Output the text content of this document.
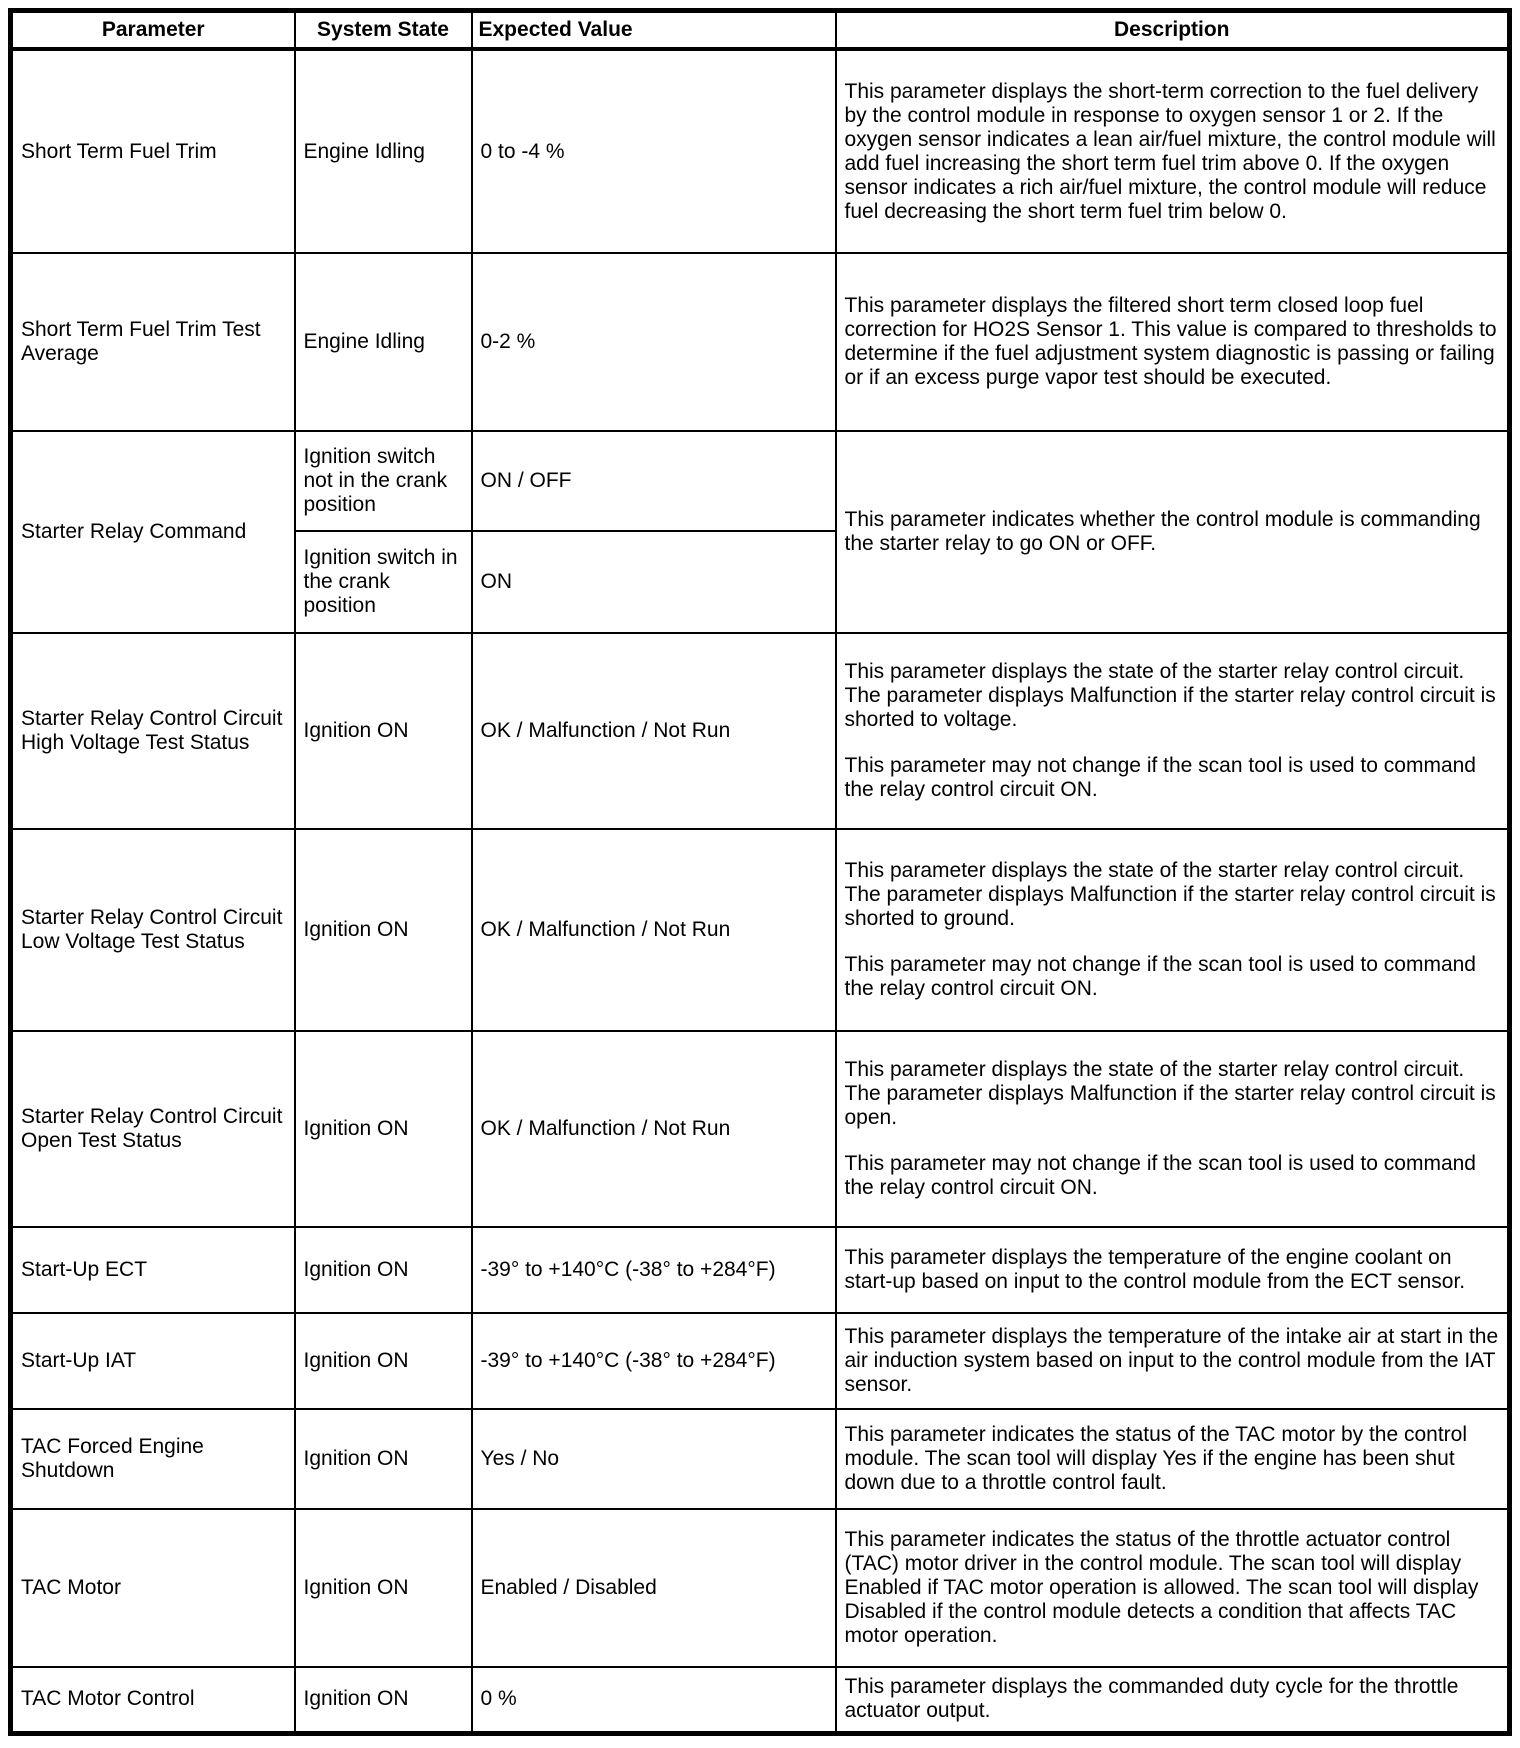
Parameter	System State	Expected Value	Description
Short Term Fuel Trim	Engine Idling	0 to -4 %	This parameter displays the short-term correction to the fuel delivery by the control module in response to oxygen sensor 1 or 2. If the oxygen sensor indicates a lean air/fuel mixture, the control module will add fuel increasing the short term fuel trim above 0. If the oxygen sensor indicates a rich air/fuel mixture, the control module will reduce fuel decreasing the short term fuel trim below 0.

Short Term Fuel Trim Test Average	Engine Idling	0-2 %	This parameter displays the filtered short term closed loop fuel correction for HO2S Sensor 1. This value is compared to thresholds to determine if the fuel adjustment system diagnostic is passing or failing or if an excess purge vapor test should be executed.

Starter Relay Command	Ignition switch not in the crank position	ON / OFF	This parameter indicates whether the control module is commanding the starter relay to go ON or OFF.

	Ignition switch in the crank position	ON	
Starter Relay Control Circuit High Voltage Test Status	Ignition ON	OK / Malfunction / Not Run	This parameter displays the state of the starter relay control circuit. The parameter displays Malfunction if the starter relay control circuit is shorted to voltage.

This parameter may not change if the scan tool is used to command the relay control circuit ON.

Starter Relay Control Circuit Low Voltage Test Status	Ignition ON	OK / Malfunction / Not Run	This parameter displays the state of the starter relay control circuit. The parameter displays Malfunction if the starter relay control circuit is shorted to ground.

This parameter may not change if the scan tool is used to command the relay control circuit ON.

Starter Relay Control Circuit Open Test Status	Ignition ON	OK / Malfunction / Not Run	This parameter displays the state of the starter relay control circuit. The parameter displays Malfunction if the starter relay control circuit is open.

This parameter may not change if the scan tool is used to command the relay control circuit ON.

Start-Up ECT	Ignition ON	-39° to +140°C (-38° to +284°F)	This parameter displays the temperature of the engine coolant on start-up based on input to the control module from the ECT sensor.

Start-Up IAT	Ignition ON	-39° to +140°C (-38° to +284°F)	This parameter displays the temperature of the intake air at start in the air induction system based on input to the control module from the IAT sensor.

TAC Forced Engine Shutdown	Ignition ON	Yes / No	This parameter indicates the status of the TAC motor by the control module. The scan tool will display Yes if the engine has been shut down due to a throttle control fault.

TAC Motor	Ignition ON	Enabled / Disabled	This parameter indicates the status of the throttle actuator control (TAC) motor driver in the control module. The scan tool will display Enabled if TAC motor operation is allowed. The scan tool will display Disabled if the control module detects a condition that affects TAC motor operation.

TAC Motor Control	Ignition ON	0 %	This parameter displays the commanded duty cycle for the throttle actuator output.
